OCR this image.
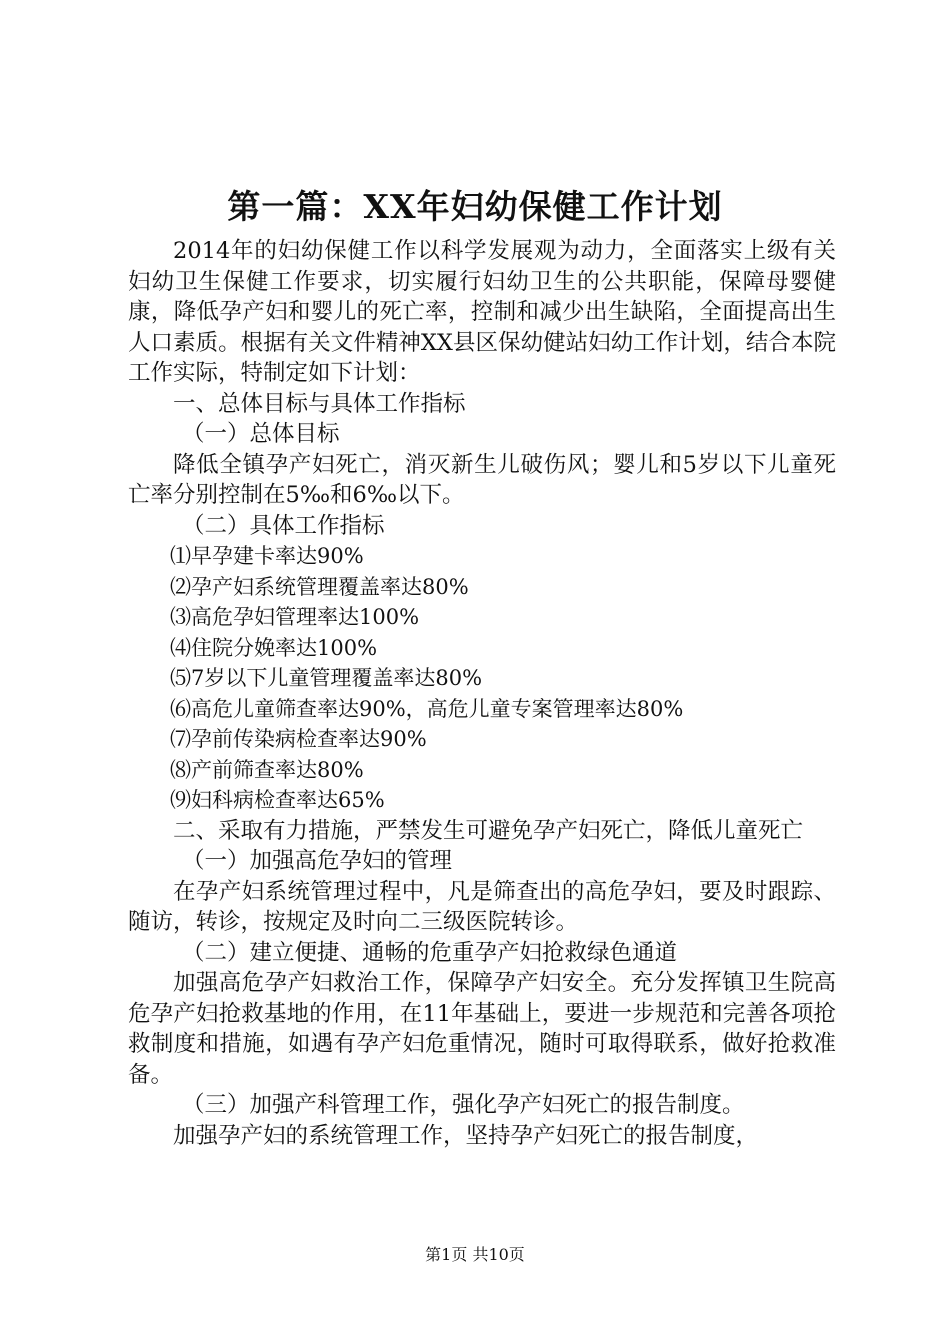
第一篇：XX年妇幼保健工作计划

2014年的妇幼保健工作以科学发展观为动力，全面落实上级有关妇幼卫生保健工作要求，切实履行妇幼卫生的公共职能，保障母婴健康，降低孕产妇和婴儿的死亡率，控制和减少出生缺陷，全面提高出生人口素质。根据有关文件精神XX县区保幼健站妇幼工作计划，结合本院工作实际，特制定如下计划：

一、总体目标与具体工作指标

（一）总体目标

降低全镇孕产妇死亡，消灭新生儿破伤风；婴儿和5岁以下儿童死亡率分别控制在5‰和6‰以下。

（二）具体工作指标

⑴早孕建卡率达90%

⑵孕产妇系统管理覆盖率达80%

⑶高危孕妇管理率达100%

⑷住院分娩率达100%

⑸7岁以下儿童管理覆盖率达80%

⑹高危儿童筛查率达90%，高危儿童专案管理率达80%

⑺孕前传染病检查率达90%

⑻产前筛查率达80%

⑼妇科病检查率达65%

二、采取有力措施，严禁发生可避免孕产妇死亡，降低儿童死亡

（一）加强高危孕妇的管理

在孕产妇系统管理过程中，凡是筛查出的高危孕妇，要及时跟踪、随访，转诊，按规定及时向二三级医院转诊。

（二）建立便捷、通畅的危重孕产妇抢救绿色通道

加强高危孕产妇救治工作，保障孕产妇安全。充分发挥镇卫生院高危孕产妇抢救基地的作用，在11年基础上，要进一步规范和完善各项抢救制度和措施，如遇有孕产妇危重情况，随时可取得联系，做好抢救准备。

（三）加强产科管理工作，强化孕产妇死亡的报告制度。

加强孕产妇的系统管理工作，坚持孕产妇死亡的报告制度，

第1页 共10页
